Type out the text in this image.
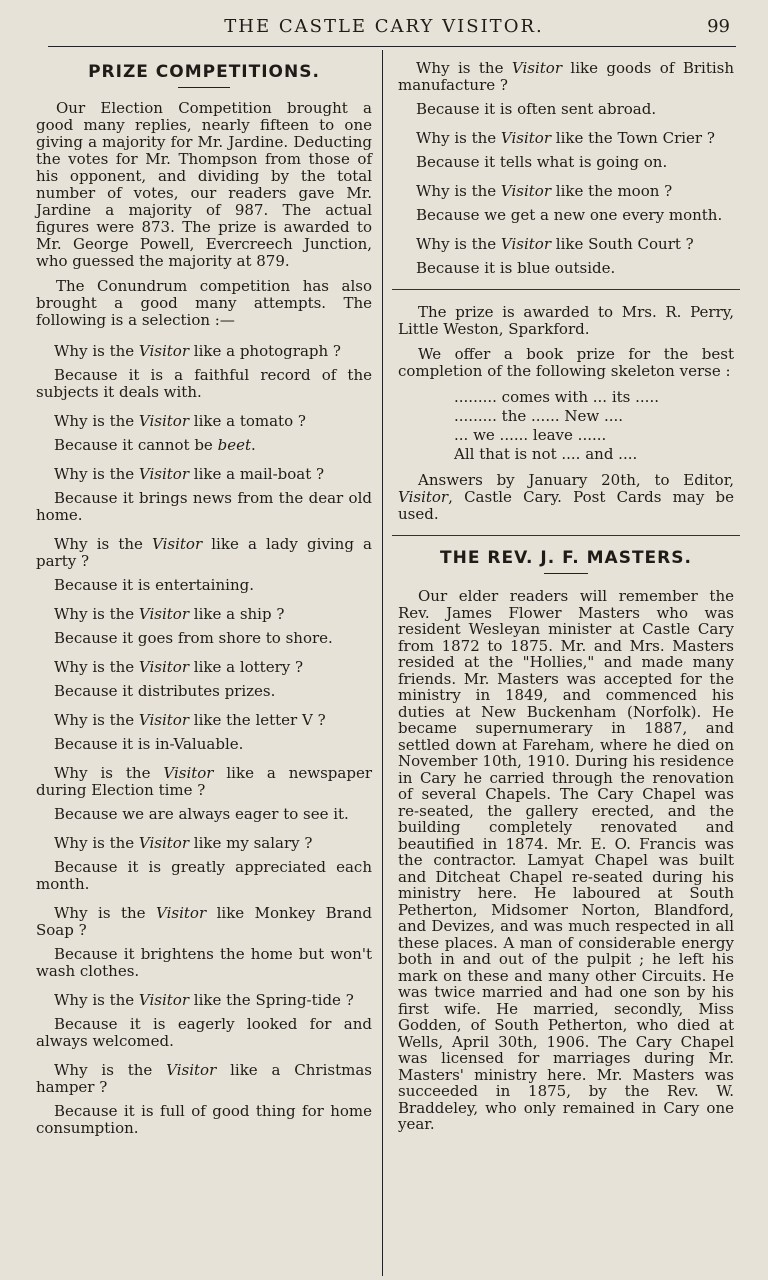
THE CASTLE CARY VISITOR.	99
PRIZE COMPETITIONS.

Our Election Competition brought a good many replies, nearly fifteen to one giving a majority for Mr. Jardine. Deducting the votes for Mr. Thompson from those of his opponent, and dividing by the total number of votes, our readers gave Mr. Jardine a majority of 987. The actual figures were 873. The prize is awarded to Mr. George Powell, Evercreech Junction, who guessed the majority at 879.

The Conundrum competition has also brought a good many attempts. The following is a selection :—

Why is the Visitor like a photograph ?

Because it is a faithful record of the subjects it deals with.

Why is the Visitor like a tomato ?

Because it cannot be beet.

Why is the Visitor like a mail-boat ?

Because it brings news from the dear old home.

Why is the Visitor like a lady giving a party ?

Because it is entertaining.

Why is the Visitor like a ship ?

Because it goes from shore to shore.

Why is the Visitor like a lottery ?

Because it distributes prizes.

Why is the Visitor like the letter V ?

Because it is in-Valuable.

Why is the Visitor like a newspaper during Election time ?

Because we are always eager to see it.

Why is the Visitor like my salary ?

Because it is greatly appreciated each month.

Why is the Visitor like Monkey Brand Soap ?

Because it brightens the home but won't wash clothes.

Why is the Visitor like the Spring-tide ?

Because it is eagerly looked for and always welcomed.

Why is the Visitor like a Christmas hamper ?

Because it is full of good thing for home consumption.

Why is the Visitor like goods of British manufacture ?

Because it is often sent abroad.

Why is the Visitor like the Town Crier ?

Because it tells what is going on.

Why is the Visitor like the moon ?

Because we get a new one every month.

Why is the Visitor like South Court ?

Because it is blue outside.

The prize is awarded to Mrs. R. Perry, Little Weston, Sparkford.

We offer a book prize for the best completion of the following skeleton verse :

......... comes with ... its .....
......... the ...... New ....
... we ...... leave ......
All that is not .... and ....

Answers by January 20th, to Editor, Visitor, Castle Cary. Post Cards may be used.

THE REV. J. F. MASTERS.

Our elder readers will remember the Rev. James Flower Masters who was resident Wesleyan minister at Castle Cary from 1872 to 1875. Mr. and Mrs. Masters resided at the "Hollies," and made many friends. Mr. Masters was accepted for the ministry in 1849, and commenced his duties at New Buckenham (Norfolk). He became supernumerary in 1887, and settled down at Fareham, where he died on November 10th, 1910. During his residence in Cary he carried through the renovation of several Chapels. The Cary Chapel was re-seated, the gallery erected, and the building completely renovated and beautified in 1874. Mr. E. O. Francis was the contractor. Lamyat Chapel was built and Ditcheat Chapel re-seated during his ministry here. He laboured at South Petherton, Midsomer Norton, Blandford, and Devizes, and was much respected in all these places. A man of considerable energy both in and out of the pulpit ; he left his mark on these and many other Circuits. He was twice married and had one son by his first wife. He married, secondly, Miss Godden, of South Petherton, who died at Wells, April 30th, 1906. The Cary Chapel was licensed for marriages during Mr. Masters' ministry here. Mr. Masters was succeeded in 1875, by the Rev. W. Braddeley, who only remained in Cary one year.
